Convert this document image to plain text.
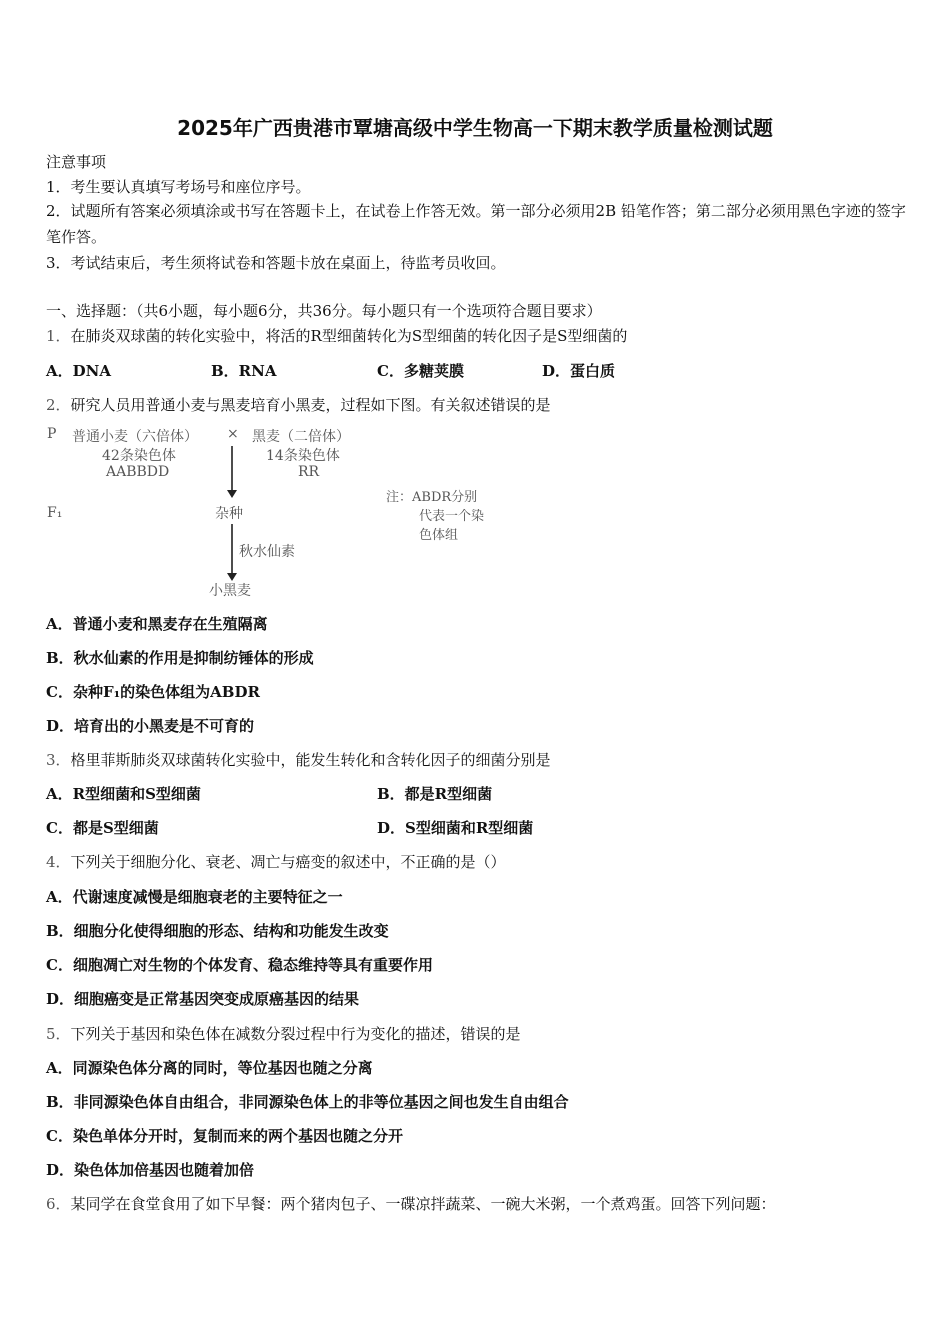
2025年广西贵港市覃塘高级中学生物高一下期末教学质量检测试题
注意事项
1．考生要认真填写考场号和座位序号。
2．试题所有答案必须填涂或书写在答题卡上，在试卷上作答无效。第一部分必须用2B 铅笔作答；第二部分必须用黑色字迹的签字笔作答。
3．考试结束后，考生须将试卷和答题卡放在桌面上，待监考员收回。
一、选择题：（共6小题，每小题6分，共36分。每小题只有一个选项符合题目要求）
1．在肺炎双球菌的转化实验中，将活的R型细菌转化为S型细菌的转化因子是S型细菌的
A．DNA	B．RNA	C．多糖荚膜	D．蛋白质
2．研究人员用普通小麦与黑麦培育小黑麦，过程如下图。有关叙述错误的是
P
F₁
普通小麦（六倍体）
42条染色体
AABBDD
× 黑麦（二倍体）
14条染色体
RR
杂种
秋水仙素
小黑麦
注：ABDR分别
代表一个染
色体组
A．普通小麦和黑麦存在生殖隔离
B．秋水仙素的作用是抑制纺锤体的形成
C．杂种F₁的染色体组为ABDR
D．培育出的小黑麦是不可育的
3．格里菲斯肺炎双球菌转化实验中，能发生转化和含转化因子的细菌分别是
A．R型细菌和S型细菌	B．都是R型细菌
C．都是S型细菌	D．S型细菌和R型细菌
4．下列关于细胞分化、衰老、凋亡与癌变的叙述中，不正确的是（）
A．代谢速度减慢是细胞衰老的主要特征之一
B．细胞分化使得细胞的形态、结构和功能发生改变
C．细胞凋亡对生物的个体发育、稳态维持等具有重要作用
D．细胞癌变是正常基因突变成原癌基因的结果
5．下列关于基因和染色体在减数分裂过程中行为变化的描述，错误的是
A．同源染色体分离的同时，等位基因也随之分离
B．非同源染色体自由组合，非同源染色体上的非等位基因之间也发生自由组合
C．染色单体分开时，复制而来的两个基因也随之分开
D．染色体加倍基因也随着加倍
6．某同学在食堂食用了如下早餐：两个猪肉包子、一碟凉拌蔬菜、一碗大米粥，一个煮鸡蛋。回答下列问题：
